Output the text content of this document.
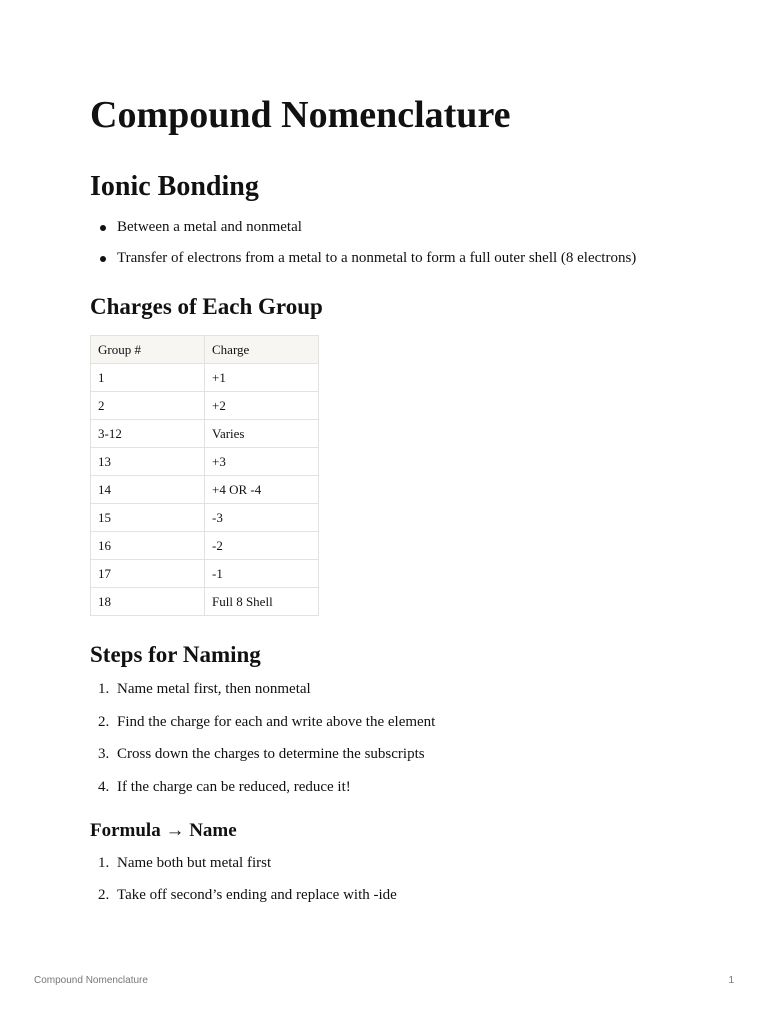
Compound Nomenclature
Ionic Bonding
Between a metal and nonmetal
Transfer of electrons from a metal to a nonmetal to form a full outer shell (8 electrons)
Charges of Each Group
Group #	Charge
1	+1
2	+2
3-12	Varies
13	+3
14	+4 OR -4
15	-3
16	-2
17	-1
18	Full 8 Shell
Steps for Naming
1. Name metal first, then nonmetal
2. Find the charge for each and write above the element
3. Cross down the charges to determine the subscripts
4. If the charge can be reduced, reduce it!
Formula → Name
1. Name both but metal first
2. Take off second’s ending and replace with -ide
Compound Nomenclature	1
